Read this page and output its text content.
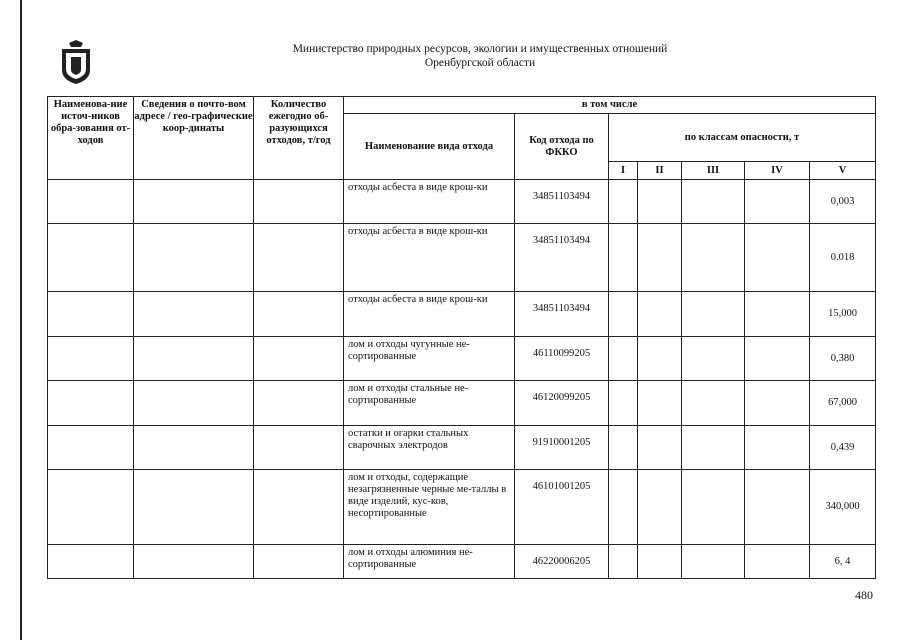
Министерство природных ресурсов, экологии и имущественных отношений
Оренбургской области
Наименова-ние источ-ников обра-зования от-ходов	Сведения о почто-вом адресе / гео-графические коор-динаты	Количество ежегодно об-разующихся отходов, т/год	в том числе						
			Наименование вида отхода	Код отхода по ФККО	по классам опасности, т				
					I	II	III	IV	V
			отходы асбеста в виде крош-ки	34851103494					0,003
			отходы асбеста в виде крош-ки	34851103494					0.018
			отходы асбеста в виде крош-ки	34851103494					15,000
			лом и отходы чугунные не-сортированные	46110099205					0,380
			лом и отходы стальные не-сортированные	46120099205					67,000
			остатки и огарки стальных сварочных электродов	91910001205					0,439
			лом и отходы, содержащие незагрязненные черные ме-таллы в виде изделий, кус-ков, несортированные	46101001205					340,000
			лом и отходы алюминия не-сортированные	46220006205					6, 4
480
